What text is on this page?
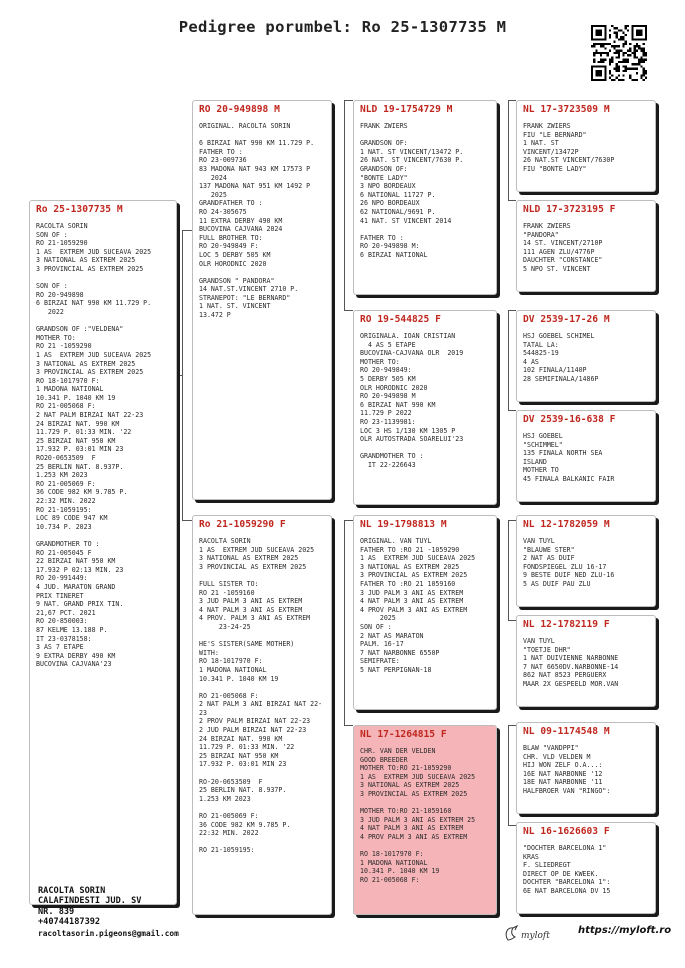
Pedigree porumbel: Ro 25-1307735 M
Ro 25-1307735 M
RACOLTA SORIN
SON OF :
RO 21-1059290
1 AS  EXTREM JUD SUCEAVA 2025
3 NATIONAL AS EXTREM 2025
3 PROVINCIAL AS EXTREM 2025
SON OF :
RO 20-949898
6 BIRZAI NAT 990 KM 11.729 P.
2022
GRANDSON OF :"VELDENA"
MOTHER TO:
RO 21 -1059290
1 AS  EXTREM JUD SUCEAVA 2025
3 NATIONAL AS EXTREM 2025
3 PROVINCIAL AS EXTREM 2025
RO 18-1017970 F:
1 MADONA NATIONAL
10.341 P. 1040 KM 19
RO 21-005068 F:
2 NAT PALM BIRZAI NAT 22-23
24 BIRZAI NAT. 990 KM
11.729 P. 01:33 MIN. '22
25 BIRZAI NAT 950 KM
17.932 P. 03:01 MIN 23
RO20-0653509  F
25 BERLIN NAT. 8.937P.
1.253 KM 2023
RO 21-005069 F:
36 CODE 982 KM 9.785 P.
22:32 MIN. 2022
RO 21-1059195:
LOC 89 CODE 947 KM
10.734 P. 2023
GRANDMOTHER TO :
RO 21-005045 F
22 BIRZAI NAT 950 KM
17.932 P 02:13 MIN. 23
RO 20-991449:
4 JUD. MARATON GRAND
PRIX TINERET
9 NAT. GRAND PRIX TIN.
21,67 PCT. 2021
RO 20-850003:
87 KELME 13.188 P.
IT 23-0378158:
3 AS 7 ETAPE
9 EXTRA DERBY 490 KM
BUCOVINA CAJVANA'23
RO 20-949898 M
ORIGINAL. RACOLTA SORIN
6 BIRZAI NAT 990 KM 11.729 P.
FATHER TO :
RO 23-009736
83 MADONA NAT 943 KM 17573 P
2024
137 MADONA NAT 951 KM 1492 P
2025
GRANDFATHER TO :
RO 24-305675
11 EXTRA DERBY 490 KM
BUCOVINA CAJVANA 2024
FULL BROTHER TO:
RO 20-949849 F:
LOC 5 DERBY 505 KM
OLR HORODNIC 2020
GRANDSON " PANDORA"
14 NAT.ST.VINCENT 2710 P.
STRANEPOT: "LE BERNARD"
1 NAT. ST. VINCENT
13.472 P
Ro 21-1059290 F
RACOLTA SORIN
1 AS  EXTREM JUD SUCEAVA 2025
3 NATIONAL AS EXTREM 2025
3 PROVINCIAL AS EXTREM 2025
FULL SISTER TO:
RO 21 -1059160
3 JUD PALM 3 ANI AS EXTREM
4 NAT PALM 3 ANI AS EXTREM
4 PROV. PALM 3 ANI AS EXTREM
23-24-25
HE'S SISTER(SAME MOTHER)
WITH:
RO 18-1017970 F:
1 MADONA NATIONAL
10.341 P. 1040 KM 19
RO 21-005068 F:
2 NAT PALM 3 ANI BIRZAI NAT 22-23
2 PROV PALM BIRZAI NAT 22-23
2 JUD PALM BIRZAI NAT 22-23
24 BIRZAI NAT. 990 KM
11.729 P. 01:33 MIN. '22
25 BIRZAI NAT 950 KM
17.932 P. 03:01 MIN 23
RO-20-0653509  F
25 BERLIN NAT. 8.937P.
1.253 KM 2023
RO 21-005069 F:
36 CODE 982 KM 9.785 P.
22:32 MIN. 2022
RO 21-1059195:
NLD 19-1754729 M
FRANK ZWIERS
GRANDSON OF:
1 NAT. ST VINCENT/13472 P.
26 NAT. ST VINCENT/7630 P.
GRANDSON OF:
"BONTE LADY"
3 NPO BORDEAUX
6 NATIONAL 11727 P.
26 NPO BORDEAUX
62 NATIONAL/9691 P.
41 NAT. ST VINCENT 2014
FATHER TO :
RO 20-949898 M:
6 BIRZAI NATIONAL
RO 19-544825 F
ORIGINALA. IOAN CRISTIAN
4 AS 5 ETAPE
BUCOVINA-CAJVANA OLR  2019
MOTHER TO:
RO 20-949849:
5 DERBY 505 KM
OLR HORODNIC 2020
RO 20-949898 M
6 BIRZAI NAT 990 KM
11.729 P 2022
RO 23-1139981:
LOC 3 HS 1/130 KM 1305 P
OLR AUTOSTRADA SOARELUI'23
GRANDMOTHER TO :
IT 22-226643
NL 19-1798813 M
ORIGINAL. VAN TUYL
FATHER TO :RO 21 -1059290
1 AS  EXTREM JUD SUCEAVA 2025
3 NATIONAL AS EXTREM 2025
3 PROVINCIAL AS EXTREM 2025
FATHER TO :RO 21 1059160
3 JUD PALM 3 ANI AS EXTREM
4 NAT PALM 3 ANI AS EXTREM
4 PROV PALM 3 ANI AS EXTREM
2025
SON OF :
2 NAT AS MARATON
PALM. 16-17
7 NAT NARBONNE 6550P
SEMIFRATE:
5 NAT PERPIGNAN-18
NL 17-1264815 F
CHR. VAN DER VELDEN
GOOD BREEDER
MOTHER TO:RO 21-1059290
1 AS  EXTREM JUD SUCEAVA 2025
3 NATIONAL AS EXTREM 2025
3 PROVINCIAL AS EXTREM 2025
MOTHER TO:RO 21-1059160
3 JUD PALM 3 ANI AS EXTREM 25
4 NAT PALM 3 ANI AS EXTREM
4 PROV PALM 3 ANI AS EXTREM
RO 18-1017970 F:
1 MADONA NATIONAL
10.341 P. 1040 KM 19
RO 21-005068 F:
NL 17-3723509 M
FRANK ZWIERS
FIU "LE BERNARD"
1 NAT. ST
VINCENT/13472P
26 NAT.ST VINCENT/7630P
FIU "BONTE LADY"
NLD 17-3723195 F
FRANK ZWIERS
"PANDORA"
14 ST. VINCENT/2710P
111 AGEN ZLU/4776P
DAUCHTER "CONSTANCE"
5 NPO ST. VINCENT
DV 2539-17-26 M
HSJ GOEBEL SCHIMEL
TATAL LA:
544825-19
4 AS
102 FINALA/1140P
28 SEMIFINALA/1486P
DV 2539-16-638 F
HSJ GOEBEL
"SCHIMMEL"
135 FINALA NORTH SEA
ISLAND
MOTHER TO
45 FINALA BALKANIC FAIR
NL 12-1782059 M
VAN TUYL
"BLAUWE STER"
2 NAT AS DUIF
FONDSPIEGEL ZLU 16-17
9 BESTE DUIF NED ZLU-16
5 AS DUIF PAU ZLU
NL 12-1782119 F
VAN TUYL
"TOETJE DHR"
1 NAT DUIVIENNE NARBONNE
7 NAT 6650DV.NARBONNE-14
862 NAT 8523 PERGUERX
MAAR 2X GESPEELD MOR.VAN
NL 09-1174548 M
BLAW "VANDPPI"
CHR. VLD VELDEN M
HIJ WON ZELF O.A...:
16E NAT NARBONNE '12
18E NAT NARBONNE '11
HALFBROER VAN "RINGO":
NL 16-1626603 F
"DOCHTER BARCELONA 1"
KRAS
F. SLIEDREGT
DIRECT OP DE KWEEK.
DOCHTER "BARCELONA 1":
6E NAT BARCELONA DV 15
RACOLTA SORIN
CALAFINDESTI JUD. SV
NR. 839
+40744187392
racoltasorin.pigeons@gmail.com	myloft	https://myloft.ro
